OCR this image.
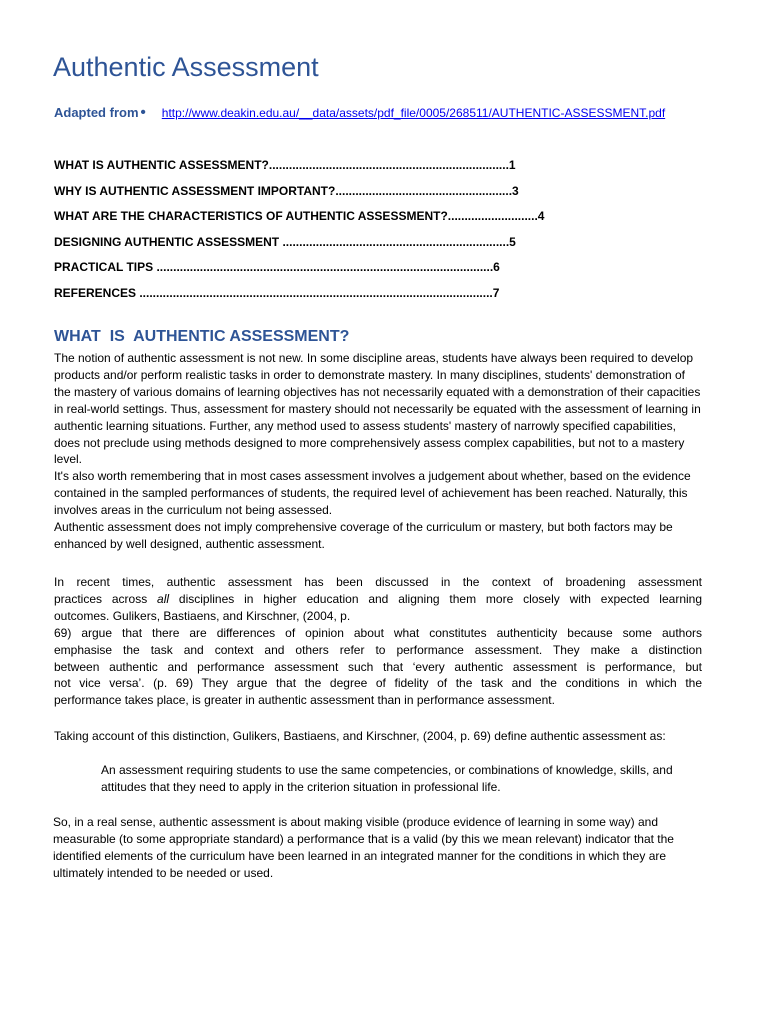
Authentic Assessment
Adapted from • http://www.deakin.edu.au/__data/assets/pdf_file/0005/268511/AUTHENTIC-ASSESSMENT.pdf
WHAT IS AUTHENTIC ASSESSMENT?........................................................................1
WHY IS AUTHENTIC ASSESSMENT IMPORTANT?.....................................................3
WHAT ARE THE CHARACTERISTICS OF AUTHENTIC ASSESSMENT?...........................4
DESIGNING AUTHENTIC ASSESSMENT ....................................................................5
PRACTICAL TIPS .....................................................................................................6
REFERENCES ..........................................................................................................7
WHAT  IS  AUTHENTIC ASSESSMENT?

The notion of authentic assessment is not new. In some discipline areas, students have always been required to develop products and/or perform realistic tasks in order to demonstrate mastery. In many disciplines, students' demonstration of the mastery of various domains of learning objectives has not necessarily equated with a demonstration of their capacities in real-world settings. Thus, assessment for mastery should not necessarily be equated with the assessment of learning in authentic learning situations. Further, any method used to assess students' mastery of narrowly specified capabilities, does not preclude using methods designed to more comprehensively assess complex capabilities, but not to a mastery level.

It's also worth remembering that in most cases assessment involves a judgement about whether, based on the evidence contained in the sampled performances of students, the required level of achievement has been reached. Naturally, this involves areas in the curriculum not being assessed.

Authentic assessment does not imply comprehensive coverage of the curriculum or mastery, but both factors may be enhanced by well designed, authentic assessment.

In recent times, authentic assessment has been discussed in the context of broadening assessment
practices across all disciplines in higher education and aligning them more closely with expected learning
outcomes. Gulikers, Bastiaens, and Kirschner, (2004, p.
69) argue that there are differences of opinion about what constitutes authenticity because some authors
emphasise the task and context and others refer to performance assessment. They make a distinction
between authentic and performance assessment such that ‘every authentic assessment is performance, but
not vice versa’. (p. 69) They argue that the degree of fidelity of the task and the conditions in which the
performance takes place, is greater in authentic assessment than in performance assessment.

Taking account of this distinction, Gulikers, Bastiaens, and Kirschner, (2004, p. 69) define authentic assessment as:

An assessment requiring students to use the same competencies, or combinations of knowledge, skills, and attitudes that they need to apply in the criterion situation in professional life.

So, in a real sense, authentic assessment is about making visible (produce evidence of learning in some way) and measurable (to some appropriate standard) a performance that is a valid (by this we mean relevant) indicator that the identified elements of the curriculum have been learned in an integrated manner for the conditions in which they are ultimately intended to be needed or used.
